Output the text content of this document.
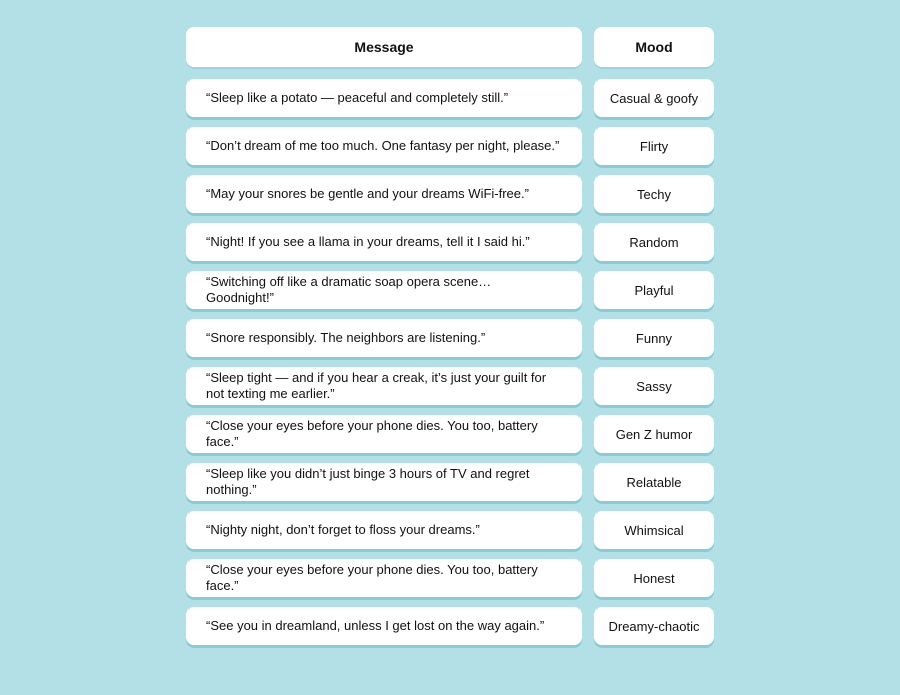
Message	Mood
“Sleep like a potato — peaceful and completely still.”	Casual & goofy
“Don’t dream of me too much. One fantasy per night, please.”	Flirty
“May your snores be gentle and your dreams WiFi-free.”	Techy
“Night! If you see a llama in your dreams, tell it I said hi.”	Random
“Switching off like a dramatic soap opera scene… Goodnight!”	Playful
“Snore responsibly. The neighbors are listening.”	Funny
“Sleep tight — and if you hear a creak, it’s just your guilt for not texting me earlier.”	Sassy
“Close your eyes before your phone dies. You too, battery face.”	Gen Z humor
“Sleep like you didn’t just binge 3 hours of TV and regret nothing.”	Relatable
“Nighty night, don’t forget to floss your dreams.”	Whimsical
“Close your eyes before your phone dies. You too, battery face.”	Honest
“See you in dreamland, unless I get lost on the way again.”	Dreamy-chaotic
